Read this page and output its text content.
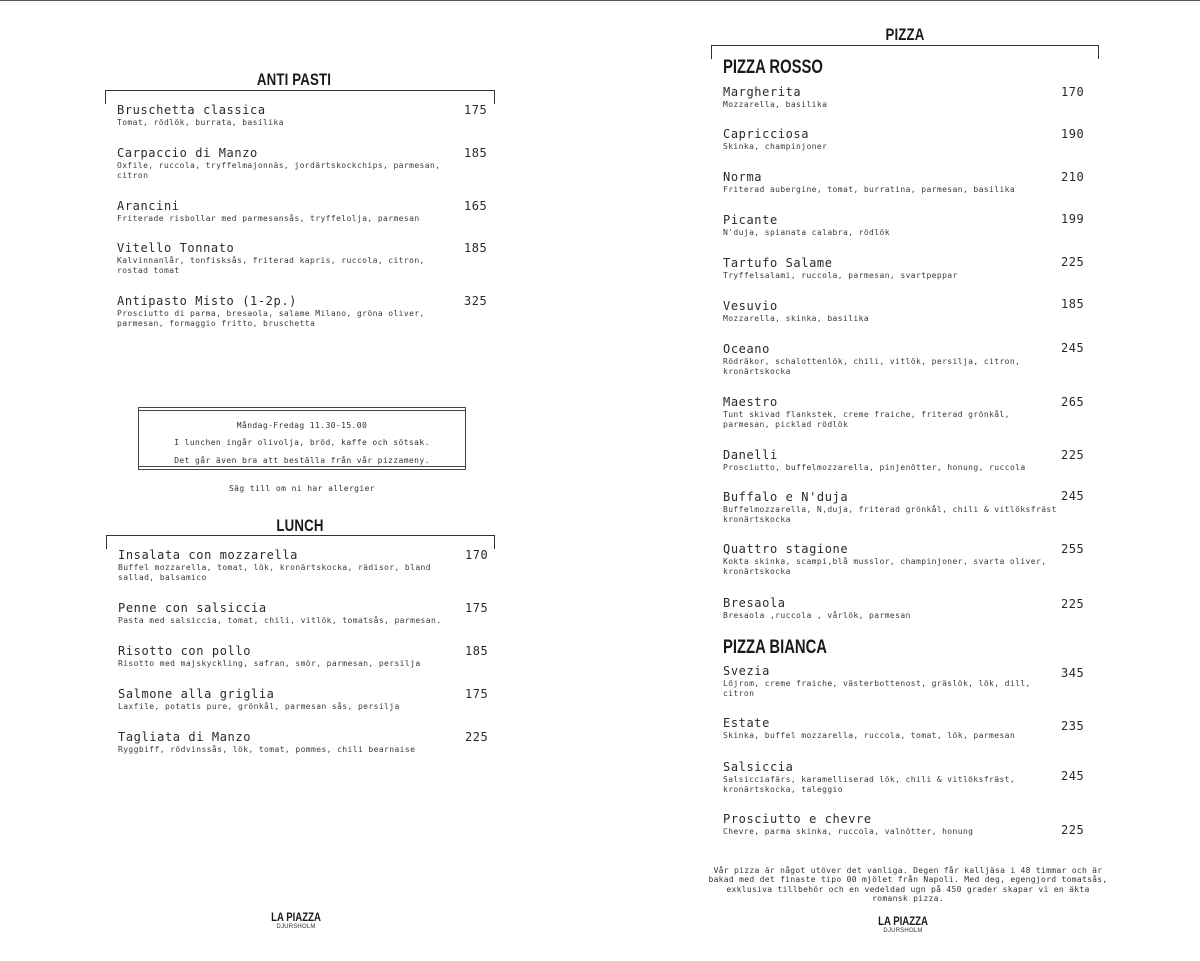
ANTI PASTI
Bruschetta classica
Tomat, rödlök, burrata, basilika
175
Carpaccio di Manzo
Oxfile, ruccola, tryffelmajonnäs, jordärtskockchips, parmesan, citron
185
Arancini
Friterade risbollar med parmesansås, tryffelolja, parmesan
165
Vitello Tonnato
Kalvinnanlår, tonfisksås, friterad kapris, ruccola, citron, rostad tomat
185
Antipasto Misto (1-2p.)
Prosciutto di parma, bresaola, salame Milano, gröna oliver, parmesan, formaggio fritto, bruschetta
325
Måndag-Fredag 11.30-15.00
I lunchen ingår olivolja, bröd, kaffe och sötsak.
Det går även bra att beställa från vår pizzameny.
Säg till om ni har allergier
LUNCH
Insalata con mozzarella
Buffel mozzarella, tomat, lök, kronärtskocka, rädisor, bland sallad, balsamico
170
Penne con salsiccia
Pasta med salsiccia, tomat, chili, vitlök, tomatsås, parmesan.
175
Risotto con pollo
Risotto med majskyckling, safran, smör, parmesan, persilja
185
Salmone alla griglia
Laxfile, potatis pure, grönkål, parmesan sås, persilja
175
Tagliata di Manzo
Ryggbiff, rödvinssås, lök, tomat, pommes, chili bearnaise
225
LA PIAZZA
DJURSHOLM
PIZZA
PIZZA ROSSO
Margherita
Mozzarella, basilika
170
Capricciosa
Skinka, champinjoner
190
Norma
Friterad aubergine, tomat, burratina, parmesan, basilika
210
Picante
N'duja, spianata calabra, rödlök
199
Tartufo Salame
Tryffelsalami, ruccola, parmesan, svartpeppar
225
Vesuvio
Mozzarella, skinka, basilika
185
Oceano
Rödräkor, schalottenlök, chili, vitlök, persilja, citron, kronärtskocka
245
Maestro
Tunt skivad flankstek, creme fraiche, friterad grönkål, parmesan, picklad rödlök
265
Danelli
Prosciutto, buffelmozzarella, pinjenötter, honung, ruccola
225
Buffalo e N'duja
Buffelmozzarella, N,duja, friterad grönkål, chili & vitlöksfräst kronärtskocka
245
Quattro stagione
Kokta skinka, scampi,blå musslor, champinjoner, svarta oliver, kronärtskocka
255
Bresaola
Bresaola ,ruccola , vårlök, parmesan
225
PIZZA BIANCA
Svezia
Löjrom, creme fraiche, västerbottenost, gräslök, lök, dill, citron
345
Estate
Skinka, buffel mozzarella, ruccola, tomat, lök, parmesan
235
Salsiccia
Salsicciafärs, karamelliserad lök, chili & vitlöksfräst, kronärtskocka, taleggio
245
Prosciutto e chevre
Chevre, parma skinka, ruccola, valnötter, honung	225
Vår pizza är något utöver det vanliga. Degen får kalljäsa i 48 timmar och är bakad med det finaste tipo 00 mjölet från Napoli. Med deg, egengjord tomatsås, exklusiva tillbehör och en vedeldad ugn på 450 grader skapar vi en äkta romansk pizza.
LA PIAZZA
DJURSHOLM
